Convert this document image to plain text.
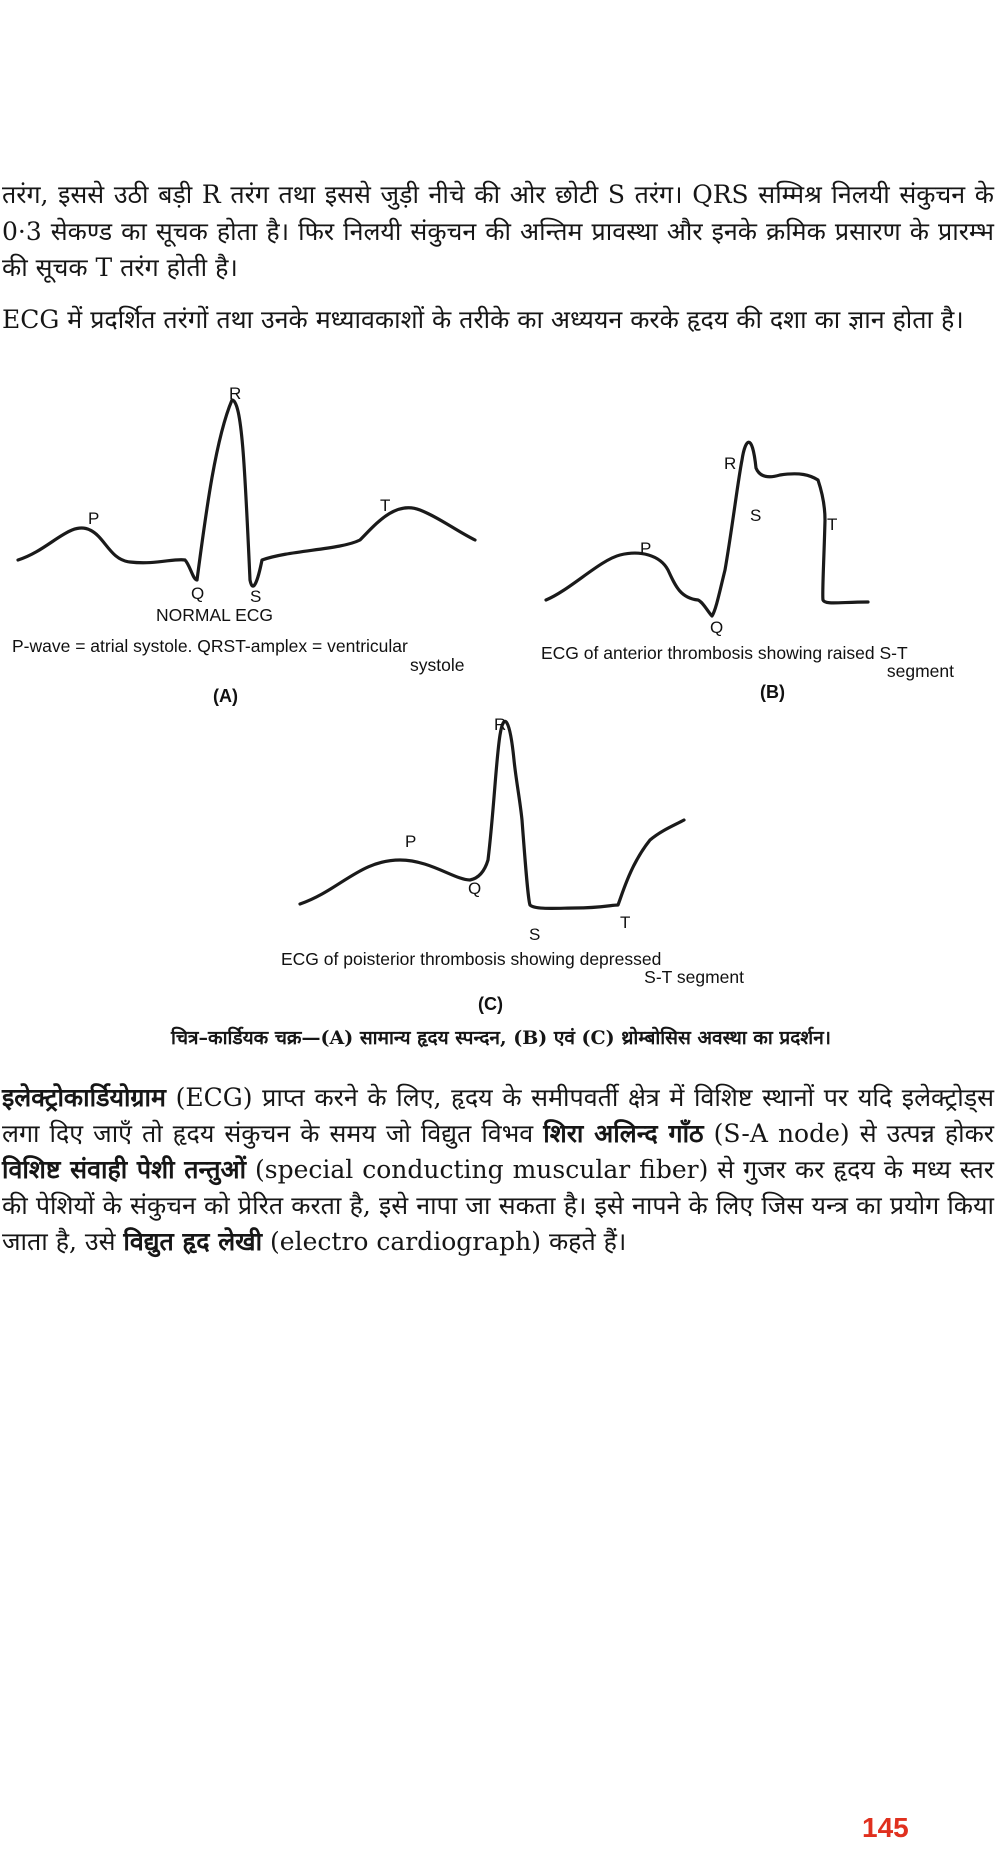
तरंग, इससे उठी बड़ी R तरंग तथा इससे जुड़ी नीचे की ओर छोटी S तरंग। QRS सम्मिश्र निलयी संकुचन के 0·3 सेकण्ड का सूचक होता है। फिर निलयी संकुचन की अन्तिम प्रावस्था और इनके क्रमिक प्रसारण के प्रारम्भ की सूचक T तरंग होती है।

ECG में प्रदर्शित तरंगों तथा उनके मध्यावकाशों के तरीके का अध्ययन करके हृदय की दशा का ज्ञान होता है।

P
R
T
Q	S
NORMAL ECG
P-wave = atrial systole. QRST-amplex = ventricular
systole
(A)
P
R
S	T
Q
ECG of anterior thrombosis showing raised S-T
segment
(B)
P
R
Q
S
T
ECG of poisterior thrombosis showing depressed
S-T segment
(C)

चित्र–कार्डियक चक्र—(A) सामान्य हृदय स्पन्दन, (B) एवं (C) थ्रोम्बोसिस अवस्था का प्रदर्शन।

इलेक्ट्रोकार्डियोग्राम (ECG) प्राप्त करने के लिए, हृदय के समीपवर्ती क्षेत्र में विशिष्ट स्थानों पर यदि इलेक्ट्रोड्स लगा दिए जाएँ तो हृदय संकुचन के समय जो विद्युत विभव शिरा अलिन्द गाँठ (S-A node) से उत्पन्न होकर विशिष्ट संवाही पेशी तन्तुओं (special conducting muscular fiber) से गुजर कर हृदय के मध्य स्तर की पेशियों के संकुचन को प्रेरित करता है, इसे नापा जा सकता है। इसे नापने के लिए जिस यन्त्र का प्रयोग किया जाता है, उसे विद्युत हृद लेखी (electro cardiograph) कहते हैं।

145
